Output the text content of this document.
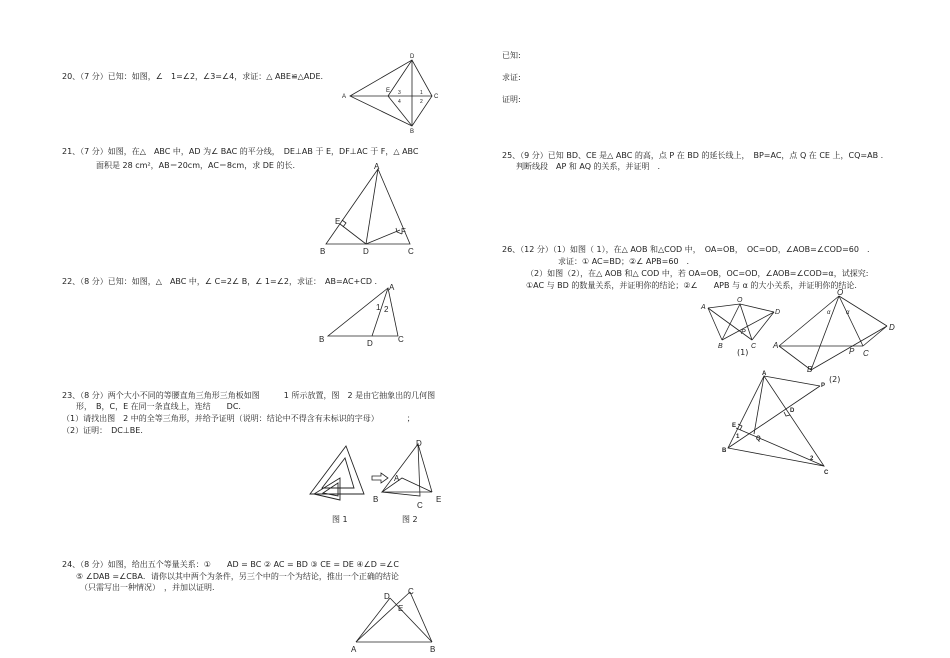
20、（7 分）已知：如图，∠　1=∠2，∠3=∠4，求证：△ ABE≌△ADE.
A
D
C
B
E 3
4
1
2
21、（7 分）如图，在△　ABC 中，AD 为∠ BAC 的平分线，　DE⊥AB 于 E，DF⊥AC 于 F，△ ABC
面积是 28 cm²，AB＝20cm，AC＝8cm，求 DE 的长.	A
B	C
D
E
F
22、（8 分）已知：如图，△　ABC 中，∠ C=2∠ B，∠ 1=∠2，求证：　AB=AC+CD .
A
B	C
D
1 2
23、（8 分）两个大小不同的等腰直角三角形三角板如图　　　1 所示放置，图　2 是由它抽象出的几何图
形，　B，C，E 在同一条直线上，连结　　DC.
（1）请找出图　2 中的全等三角形，并给予证明（说明：结论中不得含有未标识的字母）　　　　；
（2）证明：　DC⊥BE.
图 1
D
A
B
C
E
图 2
24、（8 分）如图，给出五个等量关系：①　　AD = BC ② AC = BD ③ CE = DE ④∠D =∠C
⑤ ∠DAB =∠CBA．请你以其中两个为条件，另三个中的一个为结论，推出一个正确的结论
（只需写出一种情况）　，并加以证明.
A	B
C
D
E
已知:
求证:
证明:
25、（9 分）已知 BD、CE 是△ ABC 的高，点 P 在 BD 的延长线上，　BP=AC，点 Q 在 CE 上，CQ=AB .
判断线段　AP 和 AQ 的关系，并证明　.
26、（12 分）（1）如图（ 1），在△ AOB 和△COD 中，　OA=OB，　OC=OD，∠AOB=∠COD=60　.
求证：① AC=BD；②∠ APB=60　.
（2）如图（2），在△ AOB 和△ COD 中，若 OA=OB，OC=OD，∠AOB=∠COD=α，试探究:
①AC 与 BD 的数量关系，并证明你的结论；②∠　　APB 与 α 的大小关系，并证明你的结论.
A
O
D
B	C
P
(1)
A
O
D
B
C
P
α	α
(2)
A
P
D
E
Q
1
2
B
C
